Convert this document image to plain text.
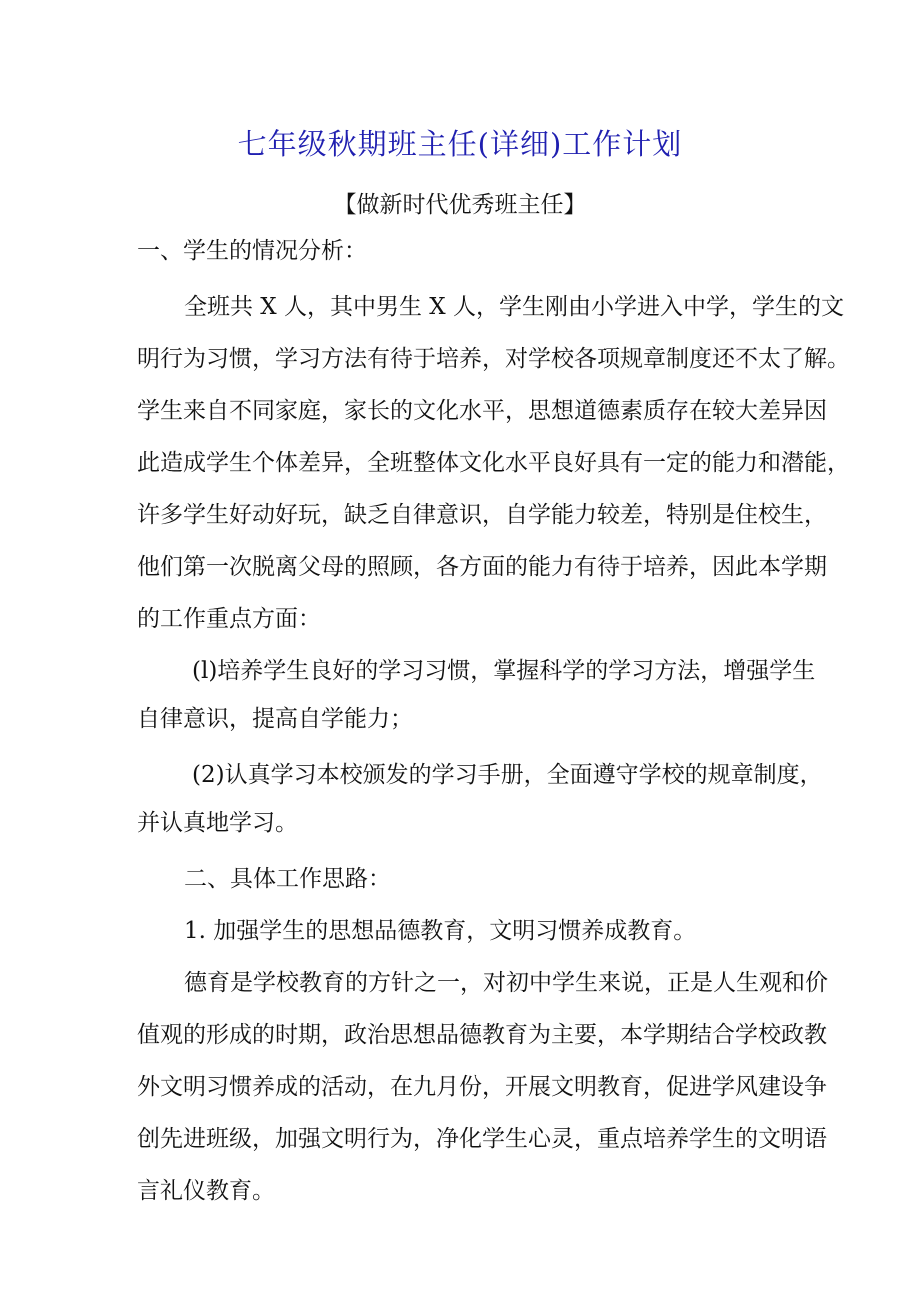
七年级秋期班主任(详细)工作计划
【做新时代优秀班主任】
一、学生的情况分析：
全班共 X 人，其中男生 X 人，学生刚由小学进入中学，学生的文
明行为习惯，学习方法有待于培养，对学校各项规章制度还不太了解。
学生来自不同家庭，家长的文化水平，思想道德素质存在较大差异因
此造成学生个体差异，全班整体文化水平良好具有一定的能力和潜能，
许多学生好动好玩，缺乏自律意识，自学能力较差，特别是住校生，
他们第一次脱离父母的照顾，各方面的能力有待于培养，因此本学期
的工作重点方面：
(l)培养学生良好的学习习惯，掌握科学的学习方法，增强学生
自律意识，提高自学能力；
(2)认真学习本校颁发的学习手册，全面遵守学校的规章制度，
并认真地学习。
二、具体工作思路：
1. 加强学生的思想品德教育，文明习惯养成教育。
德育是学校教育的方针之一，对初中学生来说，正是人生观和价
值观的形成的时期，政治思想品德教育为主要，本学期结合学校政教
外文明习惯养成的活动，在九月份，开展文明教育，促进学风建设争
创先进班级，加强文明行为，净化学生心灵，重点培养学生的文明语
言礼仪教育。
